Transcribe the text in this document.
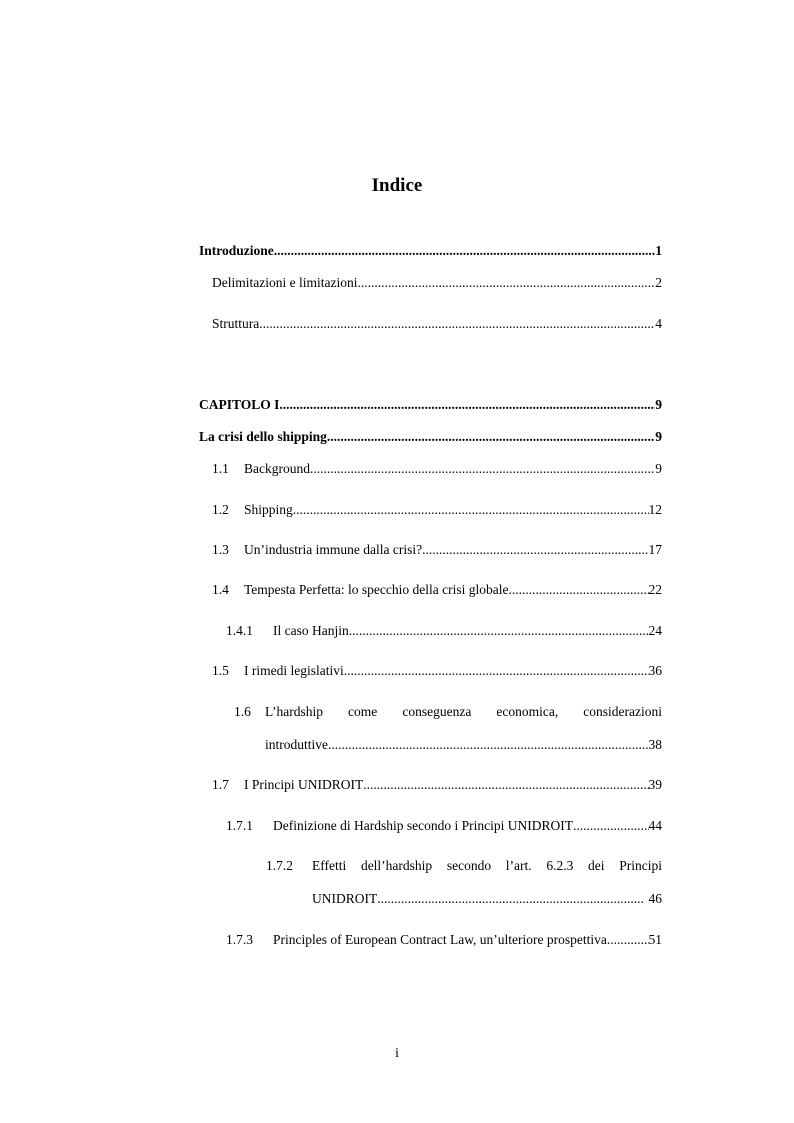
Indice
Introduzione .....	1
Delimitazioni e limitazioni .....	2
Struttura .....	4
CAPITOLO I .....	9
La crisi dello shipping .....	9
1.1	Background .....	9
1.2	Shipping .....	12
1.3	Un’industria immune dalla crisi? .....	17
1.4	Tempesta Perfetta: lo specchio della crisi globale .....	22
1.4.1	Il caso Hanjin .....	24
1.5	I rimedi legislativi .....	36
1.6 L’hardship come conseguenza economica, considerazioni
introduttive .....	38
1.7	I Principi UNIDROIT .....	39
1.7.1	Definizione di Hardship secondo i Principi UNIDROIT .....	44
1.7.2 Effetti dell’hardship secondo l’art. 6.2.3 dei Principi
UNIDROIT .....	46
1.7.3	Principles of European Contract Law, un’ulteriore prospettiva .....	51
i
